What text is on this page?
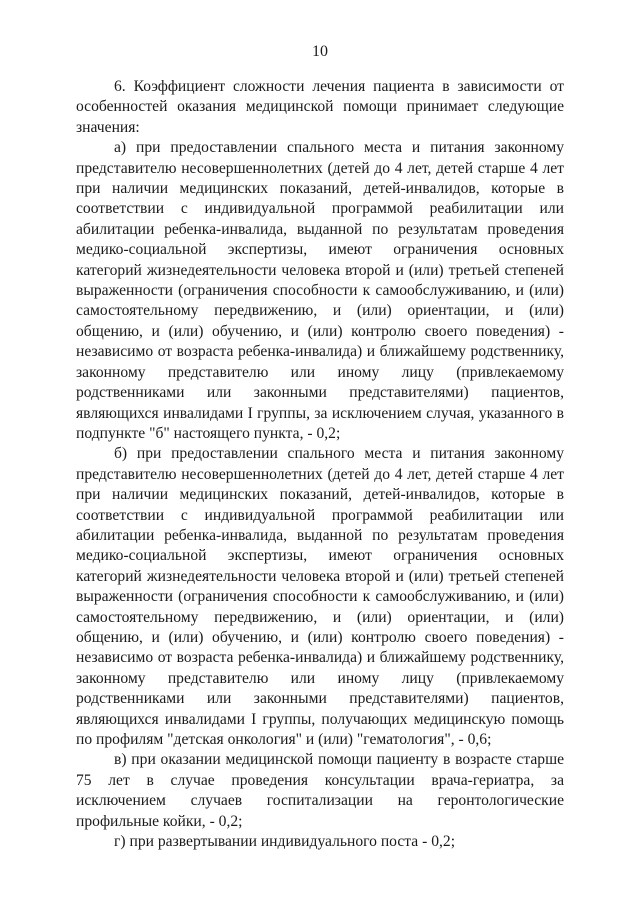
10

6. Коэффициент сложности лечения пациента в зависимости от особенностей оказания медицинской помощи принимает следующие значения:

а) при предоставлении спального места и питания законному представителю несовершеннолетних (детей до 4 лет, детей старше 4 лет при наличии медицинских показаний, детей-инвалидов, которые в соответствии с индивидуальной программой реабилитации или абилитации ребенка-инвалида, выданной по результатам проведения медико-социальной экспертизы, имеют ограничения основных категорий жизнедеятельности человека второй и (или) третьей степеней выраженности (ограничения способности к самообслуживанию, и (или) самостоятельному передвижению, и (или) ориентации, и (или) общению, и (или) обучению, и (или) контролю своего поведения) - независимо от возраста ребенка-инвалида) и ближайшему родственнику, законному представителю или иному лицу (привлекаемому родственниками или законными представителями) пациентов, являющихся инвалидами I группы, за исключением случая, указанного в подпункте "б" настоящего пункта, - 0,2;

б) при предоставлении спального места и питания законному представителю несовершеннолетних (детей до 4 лет, детей старше 4 лет при наличии медицинских показаний, детей-инвалидов, которые в соответствии с индивидуальной программой реабилитации или абилитации ребенка-инвалида, выданной по результатам проведения медико-социальной экспертизы, имеют ограничения основных категорий жизнедеятельности человека второй и (или) третьей степеней выраженности (ограничения способности к самообслуживанию, и (или) самостоятельному передвижению, и (или) ориентации, и (или) общению, и (или) обучению, и (или) контролю своего поведения) - независимо от возраста ребенка-инвалида) и ближайшему родственнику, законному представителю или иному лицу (привлекаемому родственниками или законными представителями) пациентов, являющихся инвалидами I группы, получающих медицинскую помощь по профилям "детская онкология" и (или) "гематология", - 0,6;

в) при оказании медицинской помощи пациенту в возрасте старше 75 лет в случае проведения консультации врача-гериатра, за исключением случаев госпитализации на геронтологические профильные койки, - 0,2;

г) при развертывании индивидуального поста - 0,2;
